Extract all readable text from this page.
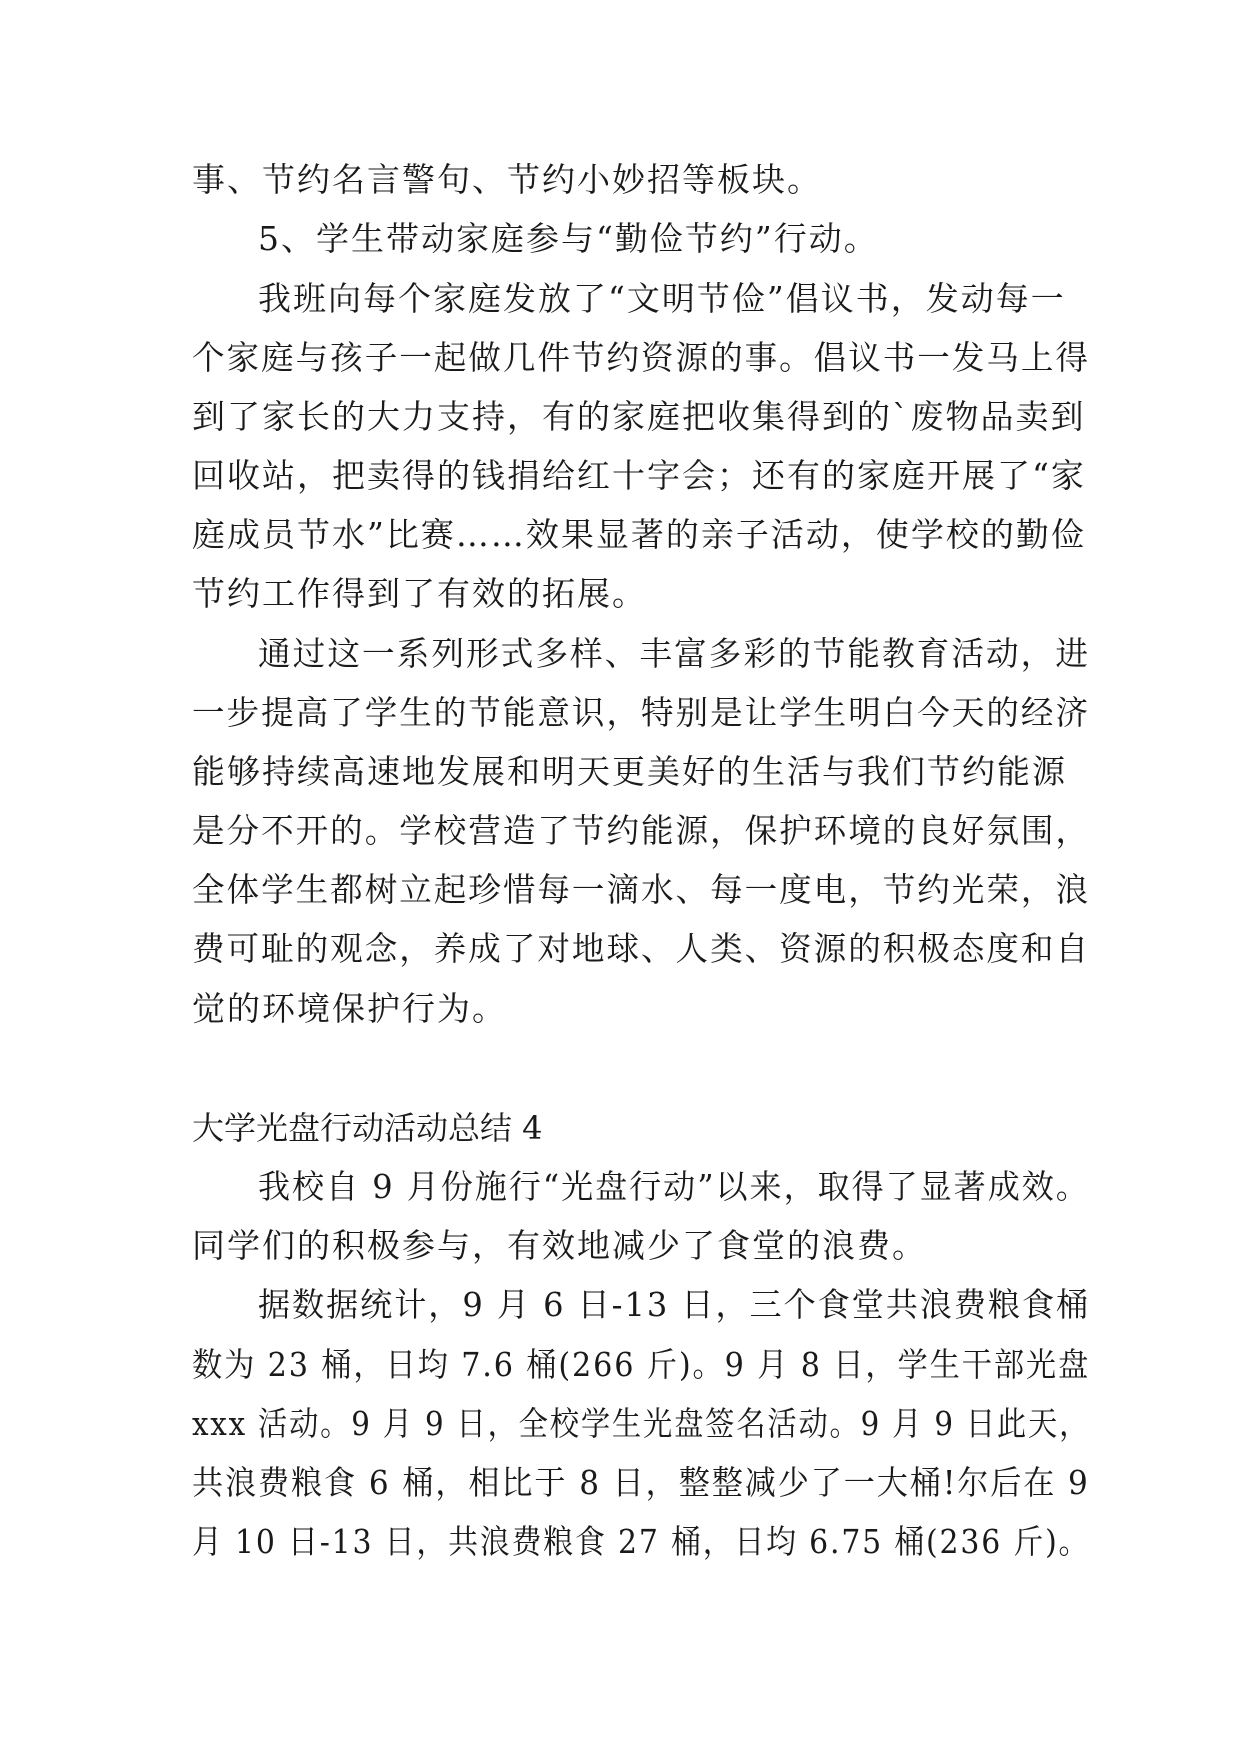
事、节约名言警句、节约小妙招等板块。
5、学生带动家庭参与“勤俭节约”行动。
我班向每个家庭发放了“文明节俭”倡议书，发动每一
个家庭与孩子一起做几件节约资源的事。倡议书一发马上得
到了家长的大力支持，有的家庭把收集得到的`废物品卖到
回收站，把卖得的钱捐给红十字会；还有的家庭开展了“家
庭成员节水”比赛……效果显著的亲子活动，使学校的勤俭
节约工作得到了有效的拓展。
通过这一系列形式多样、丰富多彩的节能教育活动，进
一步提高了学生的节能意识，特别是让学生明白今天的经济
能够持续高速地发展和明天更美好的生活与我们节约能源
是分不开的。学校营造了节约能源，保护环境的良好氛围，
全体学生都树立起珍惜每一滴水、每一度电，节约光荣，浪
费可耻的观念，养成了对地球、人类、资源的积极态度和自
觉的环境保护行为。
大学光盘行动活动总结 4
我校自 9 月份施行“光盘行动”以来，取得了显著成效。
同学们的积极参与，有效地减少了食堂的浪费。
据数据统计，9 月 6 日-13 日，三个食堂共浪费粮食桶
数为 23 桶，日均 7.6 桶(266 斤)。9 月 8 日，学生干部光盘
xxx 活动。9 月 9 日，全校学生光盘签名活动。9 月 9 日此天，
共浪费粮食 6 桶，相比于 8 日，整整减少了一大桶!尔后在 9
月 10 日-13 日，共浪费粮食 27 桶，日均 6.75 桶(236 斤)。
